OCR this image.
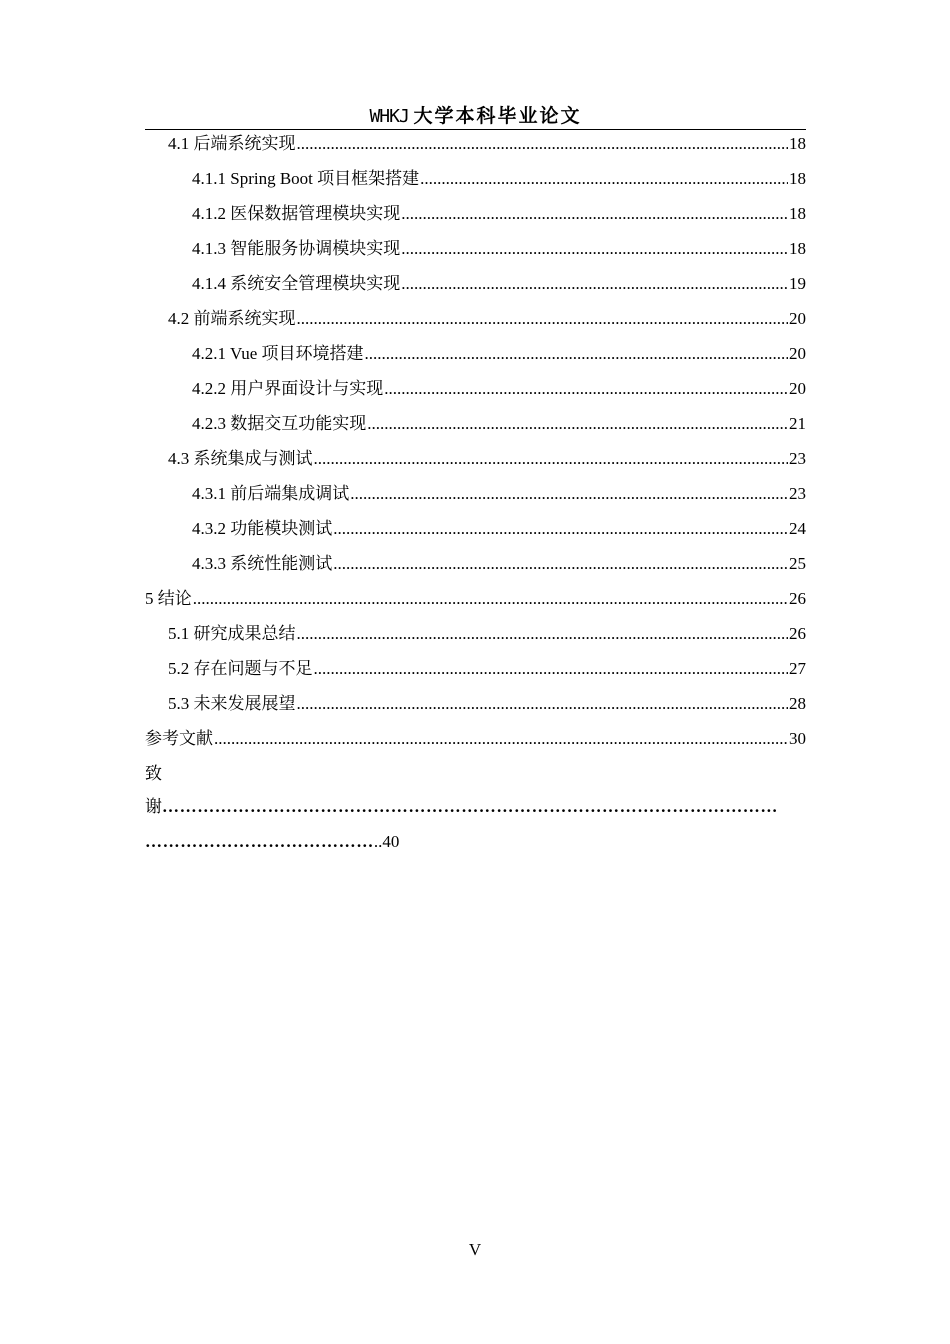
WHKJ 大学本科毕业论文
4.1 后端系统实现 .....	18
4.1.1 Spring Boot 项目框架搭建 .....	18
4.1.2 医保数据管理模块实现 .....	18
4.1.3 智能服务协调模块实现 .....	18
4.1.4 系统安全管理模块实现 .....	19
4.2 前端系统实现 .....	20
4.2.1 Vue 项目环境搭建 .....	20
4.2.2 用户界面设计与实现 .....	20
4.2.3 数据交互功能实现 .....	21
4.3 系统集成与测试 .....	23
4.3.1 前后端集成调试 .....	23
4.3.2 功能模块测试 .....	24
4.3.3 系统性能测试 .....	25
5 结论 .....	26
5.1 研究成果总结 .....	26
5.2 存在问题与不足 .....	27
5.3 未来发展展望 .....	28
参考文献 .....	30
致
谢
……………………………………………………………………………………………
…………………………………..40
V
